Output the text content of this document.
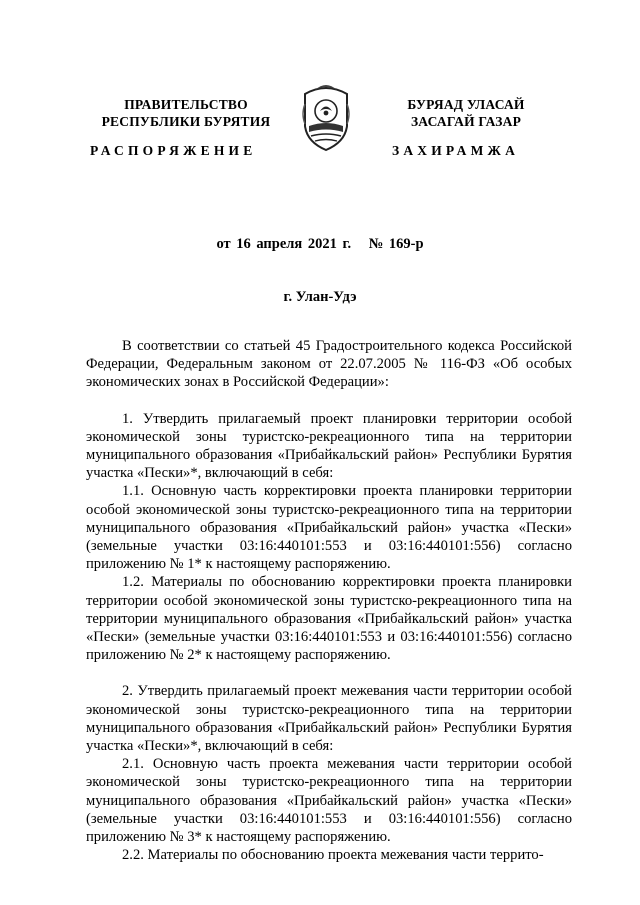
ПРАВИТЕЛЬСТВО
РЕСПУБЛИКИ БУРЯТИЯ
БУРЯАД УЛАСАЙ
ЗАСАГАЙ ГАЗАР
РАСПОРЯЖЕНИЕ	ЗАХИРАМЖА
от 16 апреля 2021 г. № 169-р
г. Улан-Удэ

В соответствии со статьей 45 Градостроительного кодекса Российской Федерации, Федеральным законом от 22.07.2005 № 116-ФЗ «Об особых экономических зонах в Российской Федерации»:

1. Утвердить прилагаемый проект планировки территории особой экономической зоны туристско-рекреационного типа на территории муниципального образования «Прибайкальский район» Республики Бурятия участка «Пески»*, включающий в себя:

1.1. Основную часть корректировки проекта планировки территории особой экономической зоны туристско-рекреационного типа на территории муниципального образования «Прибайкальский район» участка «Пески» (земельные участки 03:16:440101:553 и 03:16:440101:556) согласно приложению № 1* к настоящему распоряжению.

1.2. Материалы по обоснованию корректировки проекта планировки территории особой экономической зоны туристско-рекреационного типа на территории муниципального образования «Прибайкальский район» участка «Пески» (земельные участки 03:16:440101:553 и 03:16:440101:556) согласно приложению № 2* к настоящему распоряжению.

2. Утвердить прилагаемый проект межевания части территории особой экономической зоны туристско-рекреационного типа на территории муниципального образования «Прибайкальский район» Республики Бурятия участка «Пески»*, включающий в себя:

2.1. Основную часть проекта межевания части территории особой экономической зоны туристско-рекреационного типа на территории муниципального образования «Прибайкальский район» участка «Пески» (земельные участки 03:16:440101:553 и 03:16:440101:556) согласно приложению № 3* к настоящему распоряжению.

2.2. Материалы по обоснованию проекта межевания части террито-
